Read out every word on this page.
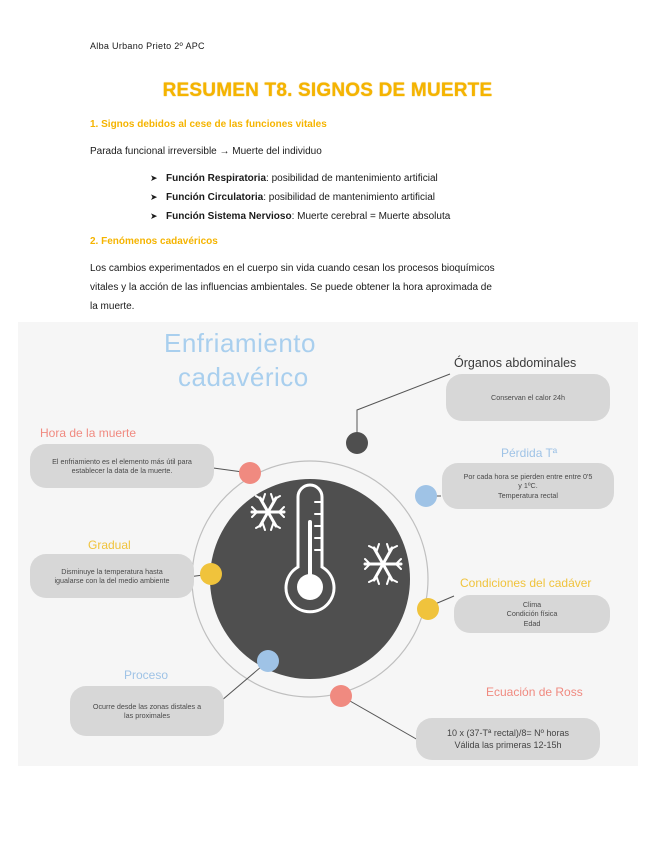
Alba Urbano Prieto 2º APC
RESUMEN T8. SIGNOS DE MUERTE
1. Signos debidos al cese de las funciones vitales
Parada funcional irreversible → Muerte del individuo
➤ Función Respiratoria: posibilidad de mantenimiento artificial
➤ Función Circulatoria: posibilidad de mantenimiento artificial
➤ Función Sistema Nervioso: Muerte cerebral = Muerte absoluta
2. Fenómenos cadavéricos
Los cambios experimentados en el cuerpo sin vida cuando cesan los procesos bioquímicos
vitales y la acción de las influencias ambientales. Se puede obtener la hora aproximada de
la muerte.
Enfriamiento
cadavérico	Órganos abdominales
Conservan el calor 24h
Pérdida Tª
Por cada hora se pierden entre entre 0'5
y 1ºC.
Temperatura rectal
Condiciones del cadáver
Clima
Condición física
Edad
Ecuación de Ross
10 x (37-Tª rectal)/8= Nº horas
Válida las primeras 12-15h
Hora de la muerte
El enfriamiento es el elemento más útil para
establecer la data de la muerte.
Gradual
Disminuye la temperatura hasta
igualarse con la del medio ambiente
Proceso
Ocurre desde las zonas distales a
las proximales
